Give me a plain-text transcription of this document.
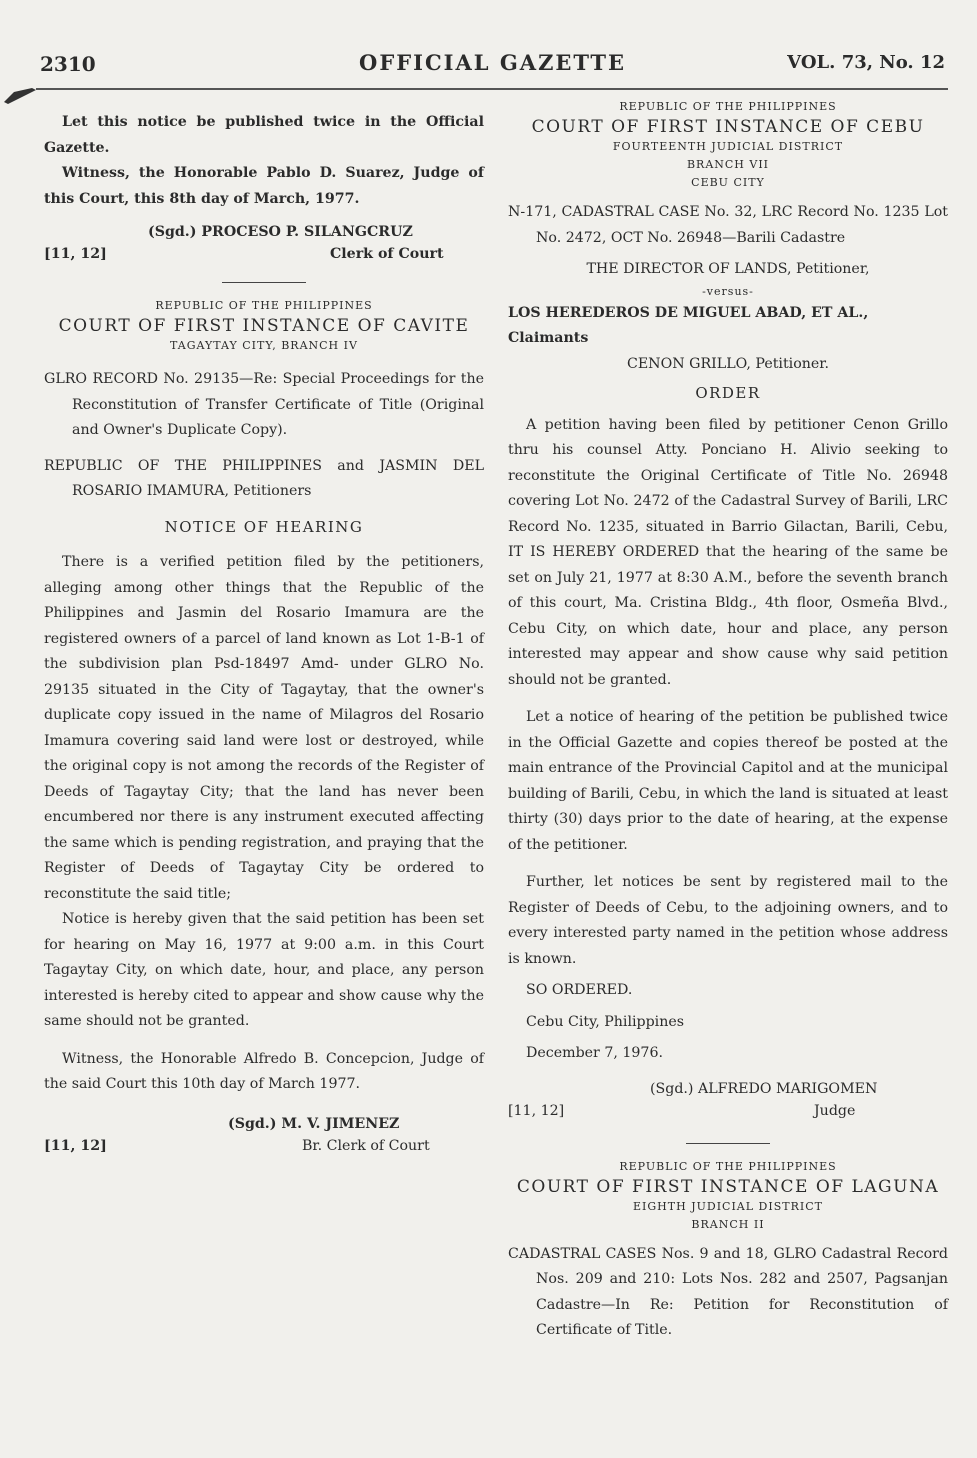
2310	OFFICIAL GAZETTE	VOL. 73, No. 12

Let this notice be published twice in the Official Gazette.

Witness, the Honorable Pablo D. Suarez, Judge of this Court, this 8th day of March, 1977.

(Sgd.) PROCESO P. SILANGCRUZ
Clerk of Court
[11, 12]

REPUBLIC OF THE PHILIPPINES

COURT OF FIRST INSTANCE OF CAVITE

TAGAYTAY CITY, BRANCH IV

GLRO RECORD No. 29135—Re: Special Proceedings for the Reconstitution of Transfer Certificate of Title (Original and Owner's Duplicate Copy).

REPUBLIC OF THE PHILIPPINES and JASMIN DEL ROSARIO IMAMURA, Petitioners

NOTICE OF HEARING

There is a verified petition filed by the petitioners, alleging among other things that the Republic of the Philippines and Jasmin del Rosario Imamura are the registered owners of a parcel of land known as Lot 1-B-1 of the subdivision plan Psd-18497 Amd- under GLRO No. 29135 situated in the City of Tagaytay, that the owner's duplicate copy issued in the name of Milagros del Rosario Imamura covering said land were lost or destroyed, while the original copy is not among the records of the Register of Deeds of Tagaytay City; that the land has never been encumbered nor there is any instrument executed affecting the same which is pending registration, and praying that the Register of Deeds of Tagaytay City be ordered to reconstitute the said title;

Notice is hereby given that the said petition has been set for hearing on May 16, 1977 at 9:00 a.m. in this Court Tagaytay City, on which date, hour, and place, any person interested is hereby cited to appear and show cause why the same should not be granted.

Witness, the Honorable Alfredo B. Concepcion, Judge of the said Court this 10th day of March 1977.

(Sgd.) M. V. JIMENEZ
Br. Clerk of Court
[11, 12]

REPUBLIC OF THE PHILIPPINES

COURT OF FIRST INSTANCE OF CEBU

FOURTEENTH JUDICIAL DISTRICT

BRANCH VII

CEBU CITY

N-171, CADASTRAL CASE No. 32, LRC Record No. 1235 Lot No. 2472, OCT No. 26948—Barili Cadastre

THE DIRECTOR OF LANDS, Petitioner,

-versus-

LOS HEREDEROS DE MIGUEL ABAD, ET AL., Claimants

CENON GRILLO, Petitioner.

ORDER

A petition having been filed by petitioner Cenon Grillo thru his counsel Atty. Ponciano H. Alivio seeking to reconstitute the Original Certificate of Title No. 26948 covering Lot No. 2472 of the Cadastral Survey of Barili, LRC Record No. 1235, situated in Barrio Gilactan, Barili, Cebu, IT IS HEREBY ORDERED that the hearing of the same be set on July 21, 1977 at 8:30 A.M., before the seventh branch of this court, Ma. Cristina Bldg., 4th floor, Osmeña Blvd., Cebu City, on which date, hour and place, any person interested may appear and show cause why said petition should not be granted.

Let a notice of hearing of the petition be published twice in the Official Gazette and copies thereof be posted at the main entrance of the Provincial Capitol and at the municipal building of Barili, Cebu, in which the land is situated at least thirty (30) days prior to the date of hearing, at the expense of the petitioner.

Further, let notices be sent by registered mail to the Register of Deeds of Cebu, to the adjoining owners, and to every interested party named in the petition whose address is known.

SO ORDERED.

Cebu City, Philippines

December 7, 1976.

(Sgd.) ALFREDO MARIGOMEN
Judge
[11, 12]

REPUBLIC OF THE PHILIPPINES

COURT OF FIRST INSTANCE OF LAGUNA

EIGHTH JUDICIAL DISTRICT

BRANCH II

CADASTRAL CASES Nos. 9 and 18, GLRO Cadastral Record Nos. 209 and 210: Lots Nos. 282 and 2507, Pagsanjan Cadastre—In Re: Petition for Reconstitution of Certificate of Title.
